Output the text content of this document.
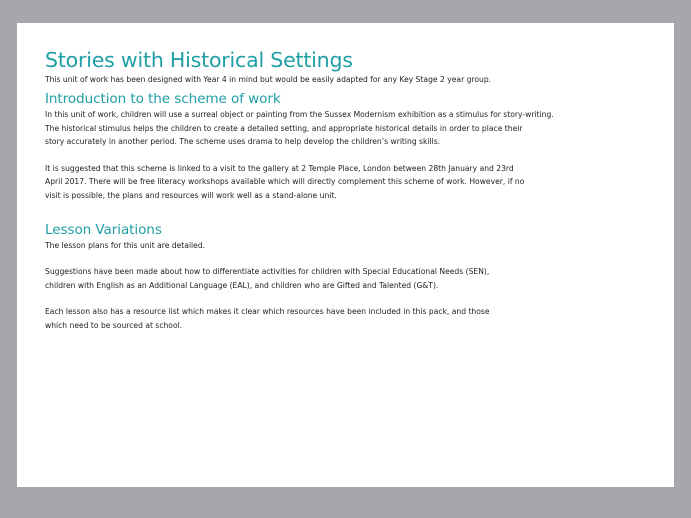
Stories with Historical Settings

This unit of work has been designed with Year 4 in mind but would be easily adapted for any Key Stage 2 year group.

Introduction to the scheme of work

In this unit of work, children will use a surreal object or painting from the Sussex Modernism exhibition as a stimulus for story-writing.
The historical stimulus helps the children to create a detailed setting, and appropriate historical details in order to place their
story accurately in another period. The scheme uses drama to help develop the children’s writing skills.

It is suggested that this scheme is linked to a visit to the gallery at 2 Temple Place, London between 28th January and 23rd
April 2017. There will be free literacy workshops available which will directly complement this scheme of work. However, if no
visit is possible, the plans and resources will work well as a stand-alone unit.

Lesson Variations

The lesson plans for this unit are detailed.

Suggestions have been made about how to differentiate activities for children with Special Educational Needs (SEN),
children with English as an Additional Language (EAL), and children who are Gifted and Talented (G&T).

Each lesson also has a resource list which makes it clear which resources have been included in this pack, and those
which need to be sourced at school.
